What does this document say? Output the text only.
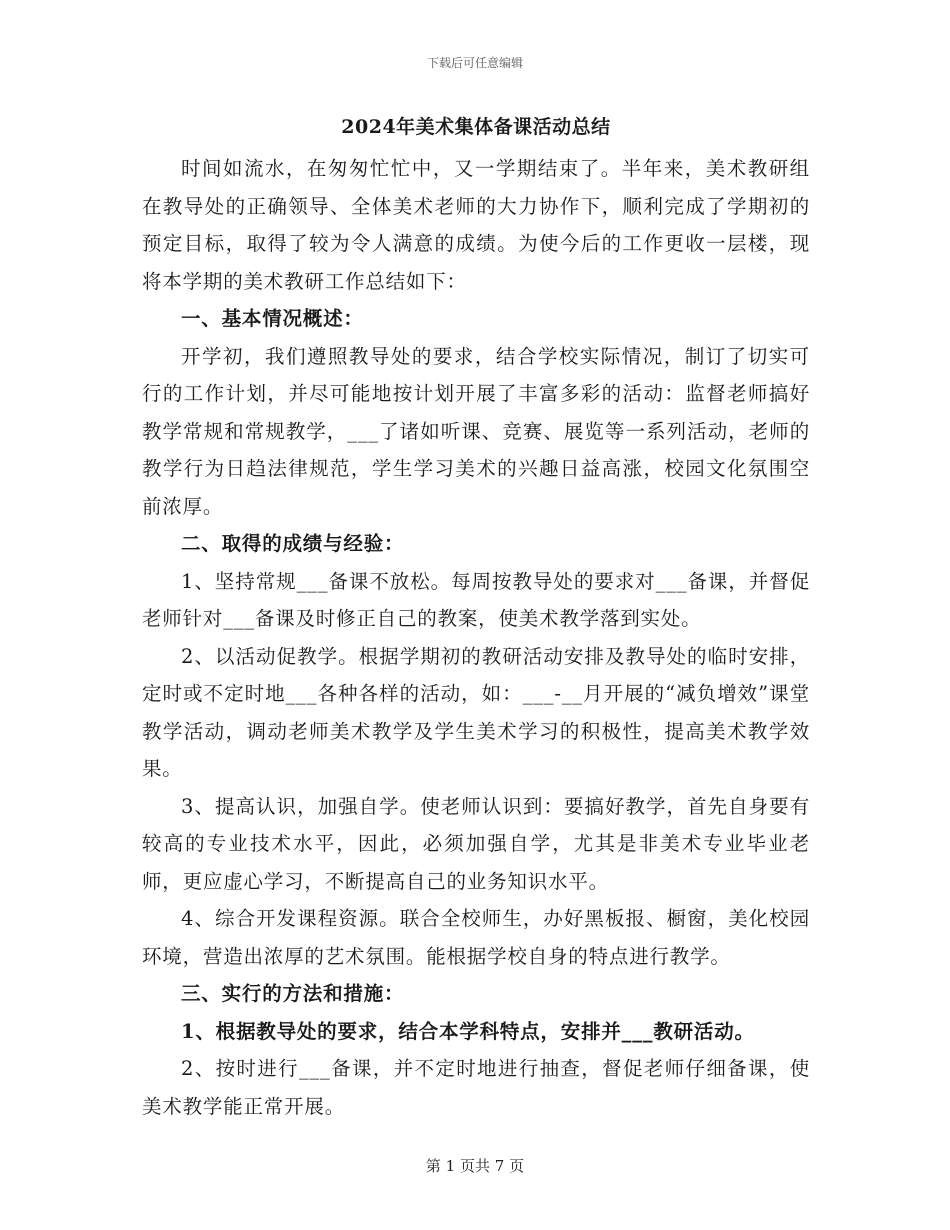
下载后可任意编辑
2024年美术集体备课活动总结

时间如流水，在匆匆忙忙中，又一学期结束了。半年来，美术教研组在教导处的正确领导、全体美术老师的大力协作下，顺利完成了学期初的预定目标，取得了较为令人满意的成绩。为使今后的工作更收一层楼，现将本学期的美术教研工作总结如下：

一、基本情况概述：

开学初，我们遵照教导处的要求，结合学校实际情况，制订了切实可行的工作计划，并尽可能地按计划开展了丰富多彩的活动：监督老师搞好教学常规和常规教学，___了诸如听课、竞赛、展览等一系列活动，老师的教学行为日趋法律规范，学生学习美术的兴趣日益高涨，校园文化氛围空前浓厚。

二、取得的成绩与经验：

1、坚持常规___备课不放松。每周按教导处的要求对___备课，并督促老师针对___备课及时修正自己的教案，使美术教学落到实处。

2、以活动促教学。根据学期初的教研活动安排及教导处的临时安排，定时或不定时地___各种各样的活动，如：___-__月开展的“减负增效”课堂教学活动，调动老师美术教学及学生美术学习的积极性，提高美术教学效果。

3、提高认识，加强自学。使老师认识到：要搞好教学，首先自身要有较高的专业技术水平，因此，必须加强自学，尤其是非美术专业毕业老师，更应虚心学习，不断提高自己的业务知识水平。

4、综合开发课程资源。联合全校师生，办好黑板报、橱窗，美化校园环境，营造出浓厚的艺术氛围。能根据学校自身的特点进行教学。

三、实行的方法和措施：

1、根据教导处的要求，结合本学科特点，安排并___教研活动。

2、按时进行___备课，并不定时地进行抽查，督促老师仔细备课，使美术教学能正常开展。

第 1 页共 7 页
